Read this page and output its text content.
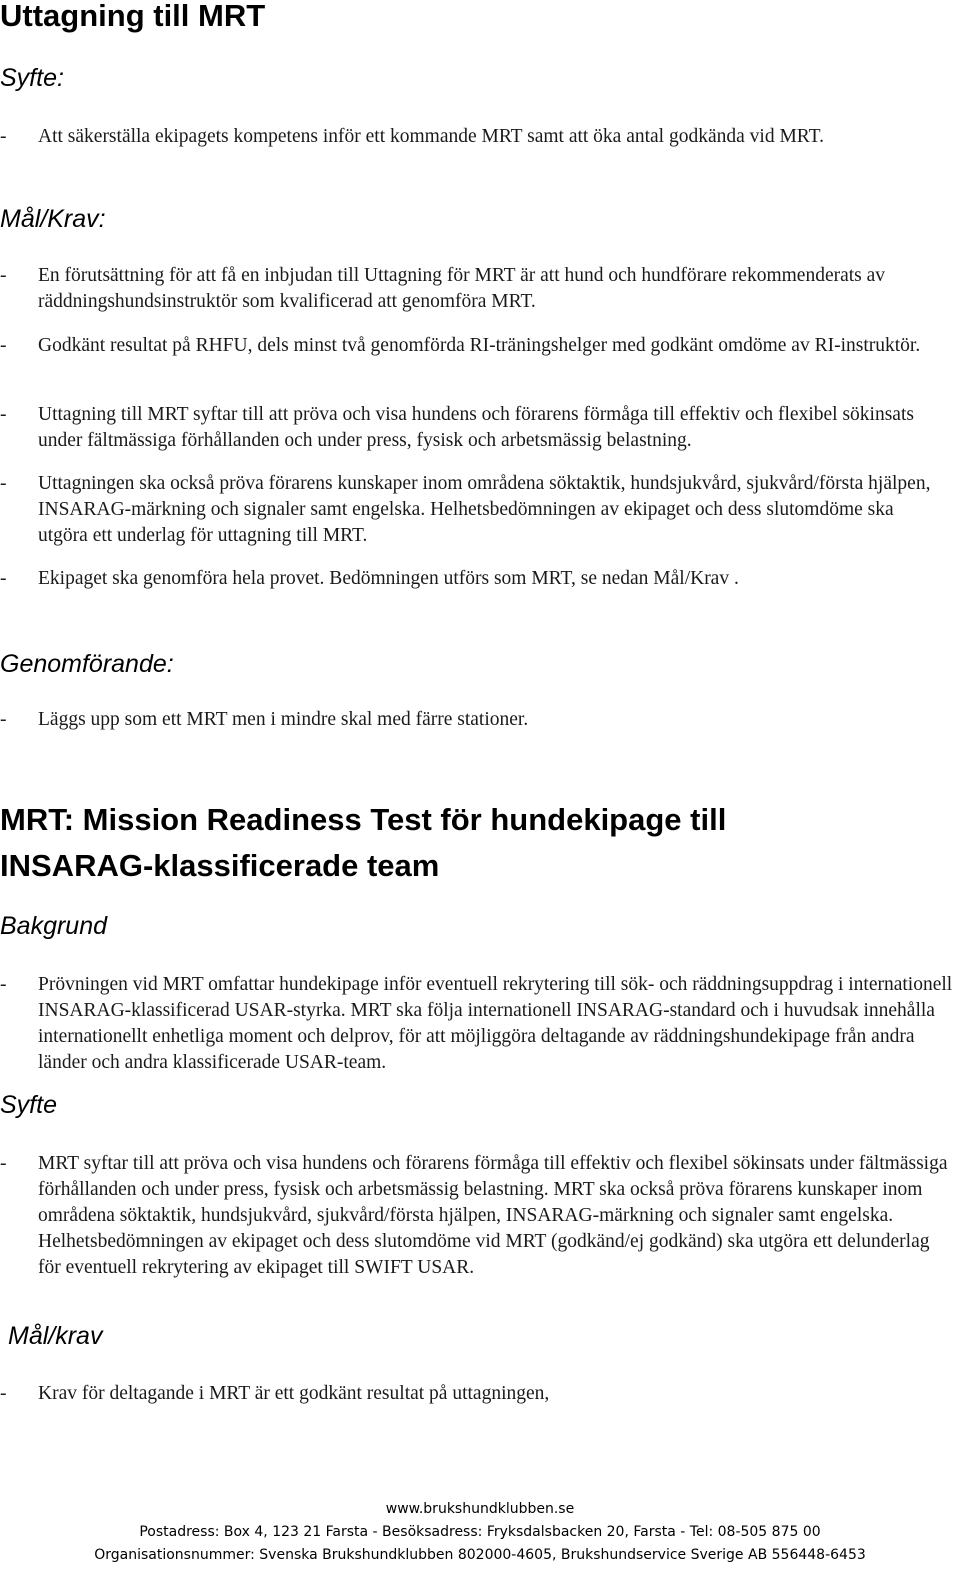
Uttagning till MRT
Syfte:
- Att säkerställa ekipagets kompetens inför ett kommande MRT samt att öka antal godkända vid MRT.
Mål/Krav:
- En förutsättning för att få en inbjudan till Uttagning för MRT är att hund och hundförare rekommenderats av räddningshundsinstruktör som kvalificerad att genomföra MRT.
- Godkänt resultat på RHFU, dels minst två genomförda RI-träningshelger med godkänt omdöme av RI-instruktör.
- Uttagning till MRT syftar till att pröva och visa hundens och förarens förmåga till effektiv och flexibel sökinsats under fältmässiga förhållanden och under press, fysisk och arbetsmässig belastning.
- Uttagningen ska också pröva förarens kunskaper inom områdena söktaktik, hundsjukvård, sjukvård/första hjälpen, INSARAG-märkning och signaler samt engelska. Helhetsbedömningen av ekipaget och dess slutomdöme ska utgöra ett underlag för uttagning till MRT.
- Ekipaget ska genomföra hela provet. Bedömningen utförs som MRT, se nedan Mål/Krav .
Genomförande:
- Läggs upp som ett MRT men i mindre skal med färre stationer.
MRT: Mission Readiness Test för hundekipage till INSARAG-klassificerade team
Bakgrund
- Prövningen vid MRT omfattar hundekipage inför eventuell rekrytering till sök- och räddningsuppdrag i internationell INSARAG-klassificerad USAR-styrka. MRT ska följa internationell INSARAG-standard och i huvudsak innehålla internationellt enhetliga moment och delprov, för att möjliggöra deltagande av räddningshundekipage från andra länder och andra klassificerade USAR-team.
Syfte
- MRT syftar till att pröva och visa hundens och förarens förmåga till effektiv och flexibel sökinsats under fältmässiga förhållanden och under press, fysisk och arbetsmässig belastning. MRT ska också pröva förarens kunskaper inom områdena söktaktik, hundsjukvård, sjukvård/första hjälpen, INSARAG-märkning och signaler samt engelska. Helhetsbedömningen av ekipaget och dess slutomdöme vid MRT (godkänd/ej godkänd) ska utgöra ett delunderlag för eventuell rekrytering av ekipaget till SWIFT USAR.
Mål/krav
- Krav för deltagande i MRT är ett godkänt resultat på uttagningen,
www.brukshundklubben.se
Postadress: Box 4, 123 21 Farsta - Besöksadress: Fryksdalsbacken 20, Farsta - Tel: 08-505 875 00
Organisationsnummer: Svenska Brukshundklubben 802000-4605, Brukshundservice Sverige AB 556448-6453
